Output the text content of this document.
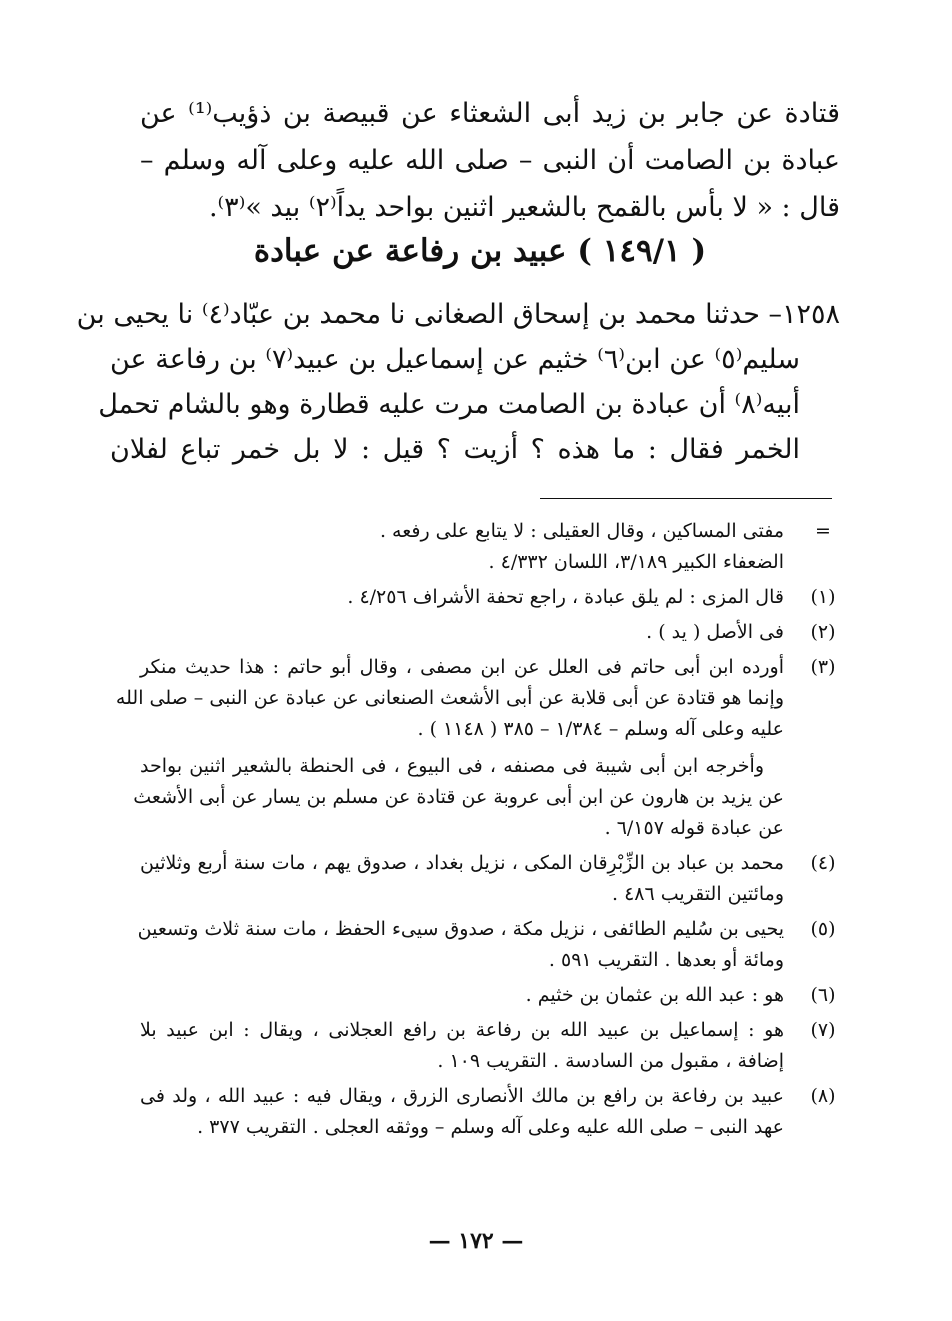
قتادة عن جابر بن زيد أبى الشعثاء عن قبيصة بن ذؤيب⁽¹⁾ عن
عبادة بن الصامت أن النبى – صلى الله عليه وعلى آله وسلم –
قال : « لا بأس بالقمح بالشعير اثنين بواحد يداً⁽٢⁾ بيد »⁽٣⁾.
( ١٤٩/١ ) عبيد بن رفاعة عن عبادة
١٢٥٨– حدثنا محمد بن إسحاق الصغانى نا محمد بن عبّاد⁽٤⁾ نا يحيى بن
سليم⁽٥⁾ عن ابن⁽٦⁾ خثيم عن إسماعيل بن عبيد⁽٧⁾ بن رفاعة عن
أبيه⁽٨⁾ أن عبادة بن الصامت مرت عليه قطارة وهو بالشام تحمل
الخمر فقال : ما هذه ؟ أزيت ؟ قيل : لا بل خمر تباع لفلان
=
مفتى المساكين ، وقال العقيلى : لا يتابع على رفعه .
الضعفاء الكبير ٣/١٨٩، اللسان ٤/٣٣٢ .
(١)
قال المزى : لم يلق عبادة ، راجع تحفة الأشراف ٤/٢٥٦ .
(٢)
فى الأصل ( يد ) .
(٣)
أورده ابن أبى حاتم فى العلل عن ابن مصفى ، وقال أبو حاتم : هذا حديث منكر
وإنما هو قتادة عن أبى قلابة عن أبى الأشعث الصنعانى عن عبادة عن النبى – صلى الله
عليه وعلى آله وسلم – ١/٣٨٤ – ٣٨٥ ( ١١٤٨ ) .
وأخرجه ابن أبى شيبة فى مصنفه ، فى البيوع ، فى الحنطة بالشعير اثنين بواحد
عن يزيد بن هارون عن ابن أبى عروبة عن قتادة عن مسلم بن يسار عن أبى الأشعث
عن عبادة قوله ٦/١٥٧ .
(٤)
محمد بن عباد بن الزِّبْرِقان المكى ، نزيل بغداد ، صدوق يهم ، مات سنة أربع وثلاثين
ومائتين التقريب ٤٨٦ .
(٥)
يحيى بن سُليم الطائفى ، نزيل مكة ، صدوق سيىء الحفظ ، مات سنة ثلاث وتسعين
ومائة أو بعدها . التقريب ٥٩١ .
(٦)
هو : عبد الله بن عثمان بن خثيم .
(٧)
هو : إسماعيل بن عبيد الله بن رفاعة بن رافع العجلانى ، ويقال : ابن عبيد بلا
إضافة ، مقبول من السادسة . التقريب ١٠٩ .
(٨)
عبيد بن رفاعة بن رافع بن مالك الأنصارى الزرق ، ويقال فيه : عبيد الله ، ولد فى
عهد النبى – صلى الله عليه وعلى آله وسلم – ووثقه العجلى . التقريب ٣٧٧ .
— ١٧٢ —
